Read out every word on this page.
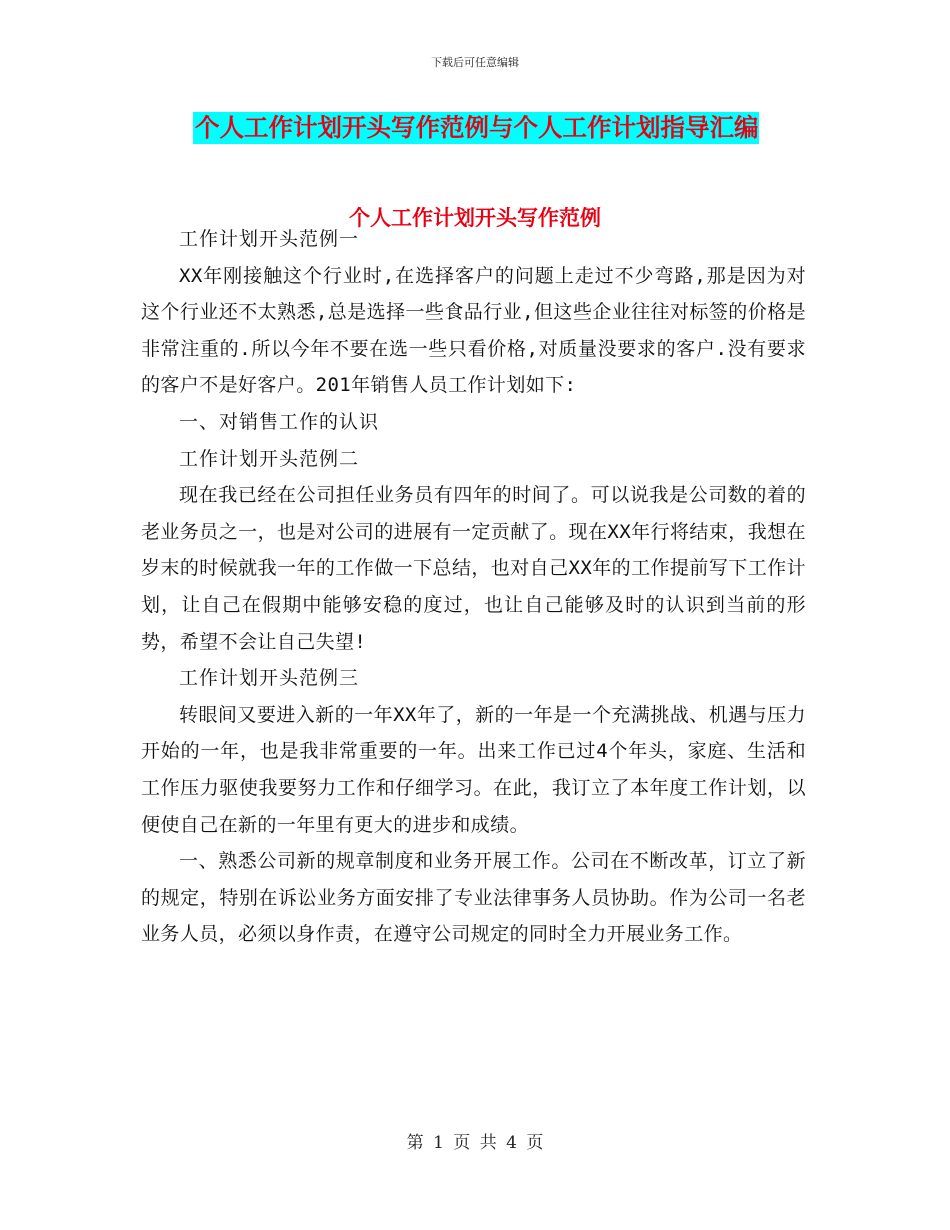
下载后可任意编辑
个人工作计划开头写作范例与个人工作计划指导汇编
个人工作计划开头写作范例

工作计划开头范例一

XX年刚接触这个行业时,在选择客户的问题上走过不少弯路,那是因为对这个行业还不太熟悉,总是选择一些食品行业,但这些企业往往对标签的价格是非常注重的.所以今年不要在选一些只看价格,对质量没要求的客户.没有要求的客户不是好客户。201年销售人员工作计划如下:

一、对销售工作的认识

工作计划开头范例二

现在我已经在公司担任业务员有四年的时间了。可以说我是公司数的着的老业务员之一，也是对公司的进展有一定贡献了。现在XX年行将结束，我想在岁末的时候就我一年的工作做一下总结，也对自己XX年的工作提前写下工作计划，让自己在假期中能够安稳的度过，也让自己能够及时的认识到当前的形势，希望不会让自己失望!

工作计划开头范例三

转眼间又要进入新的一年XX年了，新的一年是一个充满挑战、机遇与压力开始的一年，也是我非常重要的一年。出来工作已过4个年头，家庭、生活和工作压力驱使我要努力工作和仔细学习。在此，我订立了本年度工作计划，以便使自己在新的一年里有更大的进步和成绩。

一、熟悉公司新的规章制度和业务开展工作。公司在不断改革，订立了新的规定，特别在诉讼业务方面安排了专业法律事务人员协助。作为公司一名老业务人员，必须以身作责，在遵守公司规定的同时全力开展业务工作。

第 1 页 共 4 页
